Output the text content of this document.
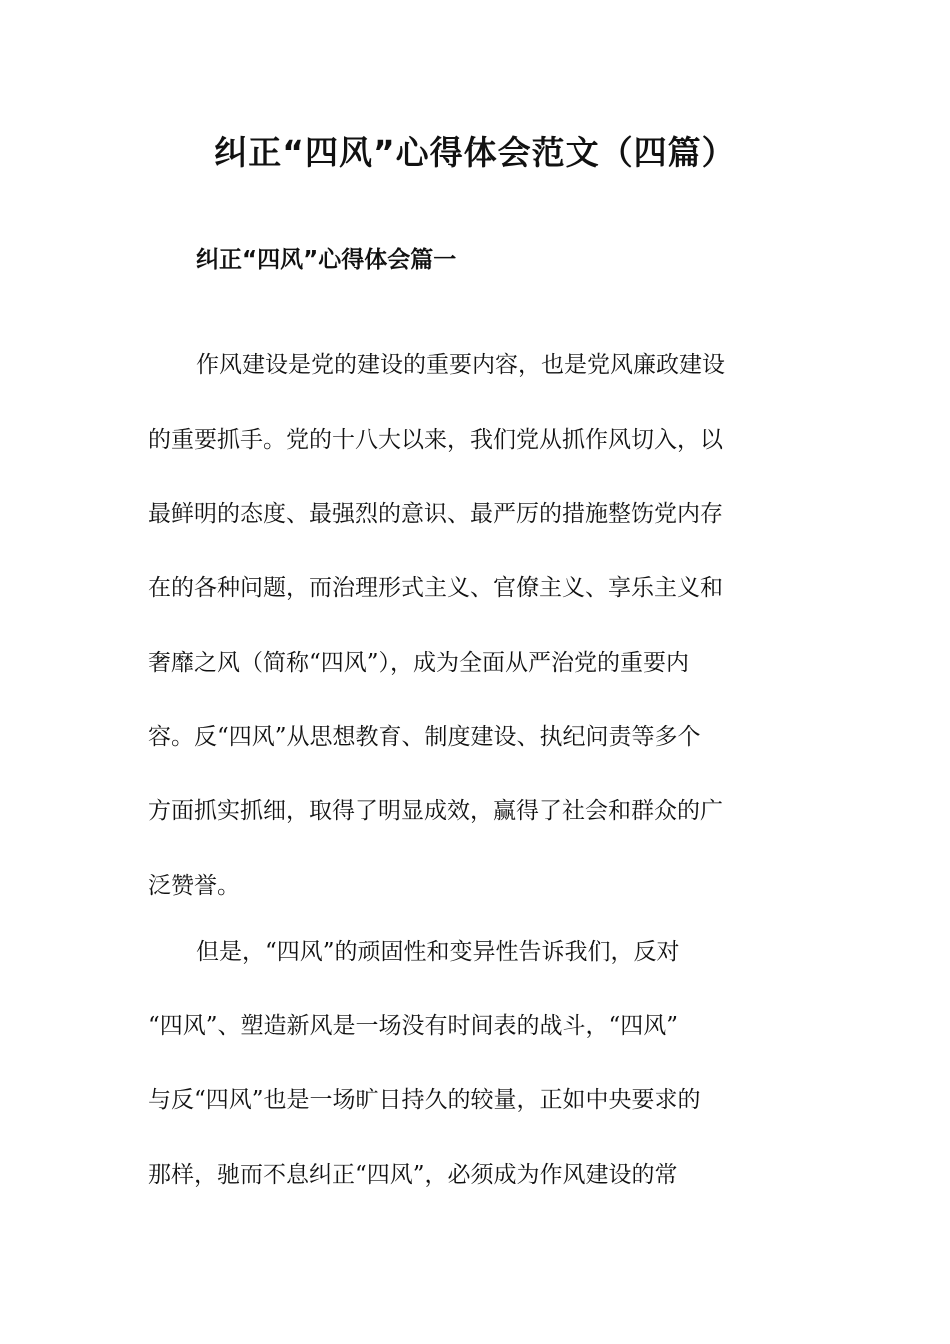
纠正“四风”心得体会范文（四篇）
纠正“四风”心得体会篇一
作风建设是党的建设的重要内容，也是党风廉政建设
的重要抓手。党的十八大以来，我们党从抓作风切入，以
最鲜明的态度、最强烈的意识、最严厉的措施整饬党内存
在的各种问题，而治理形式主义、官僚主义、享乐主义和
奢靡之风（简称“四风”），成为全面从严治党的重要内
容。反“四风”从思想教育、制度建设、执纪问责等多个
方面抓实抓细，取得了明显成效，赢得了社会和群众的广
泛赞誉。
但是，“四风”的顽固性和变异性告诉我们，反对
“四风”、塑造新风是一场没有时间表的战斗，“四风”
与反“四风”也是一场旷日持久的较量，正如中央要求的
那样，驰而不息纠正“四风”，必须成为作风建设的常
